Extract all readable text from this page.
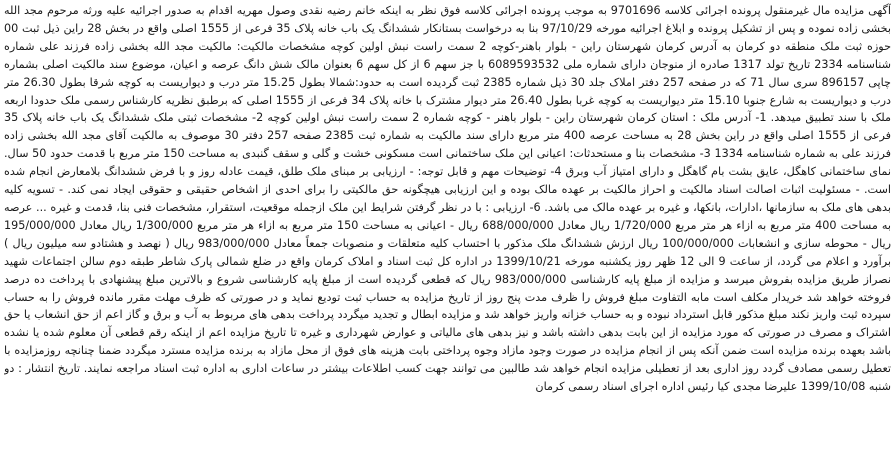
آگهی مزایده مال غیرمنقول پرونده اجرائی کلاسه 9701696 به موجب پرونده اجرائی کلاسه فوق نظر به اینکه خانم رضیه نقدی وصول مهریه اقدام به صدور اجرائیه علیه ورثه مرحوم مجد الله بخشی زاده نموده و پس از تشکیل پرونده و ابلاغ اجرائیه مورخه 97/10/29 بنا به درخواست بستانکار ششدانگ یک باب خانه پلاک 35 فرعی از 1555 اصلی واقع در بخش 28 راین ذیل ثبت 00 حوزه ثبت ملک منطقه دو کرمان به آدرس کرمان شهرستان راین - بلوار باهنر-کوچه 2 سمت راست نبش اولین کوچه مشخصات مالکیت: مالکیت مجد الله بخشی زاده فرزند علی شماره شناسنامه 2334 تاریخ تولد 1317 صادره از منوجان دارای شماره ملی 6089593532 با جز سهم 6 از کل سهم 6 بعنوان مالک شش دانگ عرصه و اعیان، موضوع سند مالکیت اصلی بشماره چاپی 896157 سری سال 71 که در صفحه 257 دفتر املاک جلد 30 ذیل شماره 2385 ثبت گردیده است به حدود:شمالا بطول 15.25 متر درب و دیواریست به کوچه شرقا بطول 26.30 متر درب و دیواریست به شارع جنوبا 15.10 متر دیواریست به کوچه غربا بطول 26.40 متر دیوار مشترک با خانه پلاک 34 فرعی از 1555 اصلی که برطبق نظریه کارشناس رسمی ملک حدودا اربعه ملک با سند تطبیق میدهد. 1- آدرس ملک : استان کرمان شهرستان راین - بلوار باهنر - کوچه شماره 2 سمت راست نبش اولین کوچه 2- مشخصات ثبتی ملک ششدانگ یک باب خانه پلاک 35 فرعی از 1555 اصلی واقع در راین بخش 28 به مساحت عرصه 400 متر مربع دارای سند مالکیت به شماره ثبت 2385 صفحه 257 دفتر 30 موصوف به مالکیت آقای مجد الله بخشی زاده فرزند علی به شماره شناسنامه 1334 3- مشخصات بنا و مستحدثات: اعیانی این ملک ساختمانی است مسکونی خشت و گلی و سقف گنبدی به مساحت 150 متر مربع با قدمت حدود 50 سال. نمای ساختمانی کاهگل، عایق بشت بام گاهگل و دارای امتیاز آب وبرق 4- توضیحات مهم و قابل توجه: - ارزیابی بر مبنای ملک طلق، قیمت عادله روز و با فرض ششدانگ بلامعارض انجام شده است. - مسئولیت اثبات اصالت اسناد مالکیت و احراز مالکیت بر عهده مالک بوده و این ارزیابی هیچگونه حق مالکیتی را برای احدی از اشخاص حقیقی و حقوقی ایجاد نمی کند. - تسویه کلیه بدهی های ملک به سازمانها ،ادارات، بانکها، و غیره بر عهده مالک می باشد. 6- ارزیابی : با در نظر گرفتن شرایط این ملک ازجمله موقعیت، استقرار، مشخصات فنی بنا، قدمت و غیره ... عرصه به مساحت 400 متر مربع به ازاء هر متر مربع 1/720/000 ریال معادل 688/000/000 ریال - اعیانی به مساحت 150 متر مربع به ازاء هر متر مربع 1/300/000 ریال معادل 195/000/000 ریال - محوطه سازی و انشعابات 100/000/000 ریال ارزش ششدانگ ملک مذکور با احتساب کلیه متعلقات و منصوبات جمعاً معادل 983/000/000 ریال ( نهصد و هشتادو سه میلیون ریال ) برآورد و اعلام می گردد، از ساعت 9 الی 12 ظهر روز یکشنبه مورخه 1399/10/21 در اداره کل ثبت اسناد و املاک کرمان واقع در ضلع شمالی پارک شاطر طبقه دوم سالن اجتماعات شهید نصراز طریق مزایده بفروش میرسد و مزایده از مبلغ پایه کارشناسی 983/000/000 ریال که قطعی گردیده است از مبلغ پایه کارشناسی شروع و بالاترین مبلغ پیشنهادی با پرداخت ده درصد فروخته خواهد شد خریدار مکلف است مابه التفاوت مبلغ فروش را ظرف مدت پنج روز از تاریخ مزایده به حساب ثبت تودیع نماید و در صورتی که ظرف مهلت مقرر مانده فروش را به حساب سپرده ثبت واریز نکند مبلغ مذکور قابل استرداد نبوده و به حساب خزانه واریز خواهد شد و مزایده ابطال و تجدید میگردد پرداخت بدهی های مربوط به آب و برق و گاز اعم از حق انشعاب یا حق اشتراک و مصرف در صورتی که مورد مزایده از این بابت بدهی داشته باشد و نیز بدهی های مالیاتی و عوارض شهرداری و غیره تا تاریخ مزایده اعم از اینکه رقم قطعی آن معلوم شده یا نشده باشد بعهده برنده مزایده است ضمن آنکه پس از انجام مزایده در صورت وجود مازاد وجوه پرداختی بابت هزینه های فوق از محل مازاد به برنده مزایده مسترد میگردد ضمنا چنانچه روزمزایده با تعطیل رسمی مصادف گردد روز اداری بعد از تعطیلی مزایده انجام خواهد شد طالبین می توانند جهت کسب اطلاعات بیشتر در ساعات اداری به اداره ثبت اسناد مراجعه نمایند. تاریخ انتشار : دو شنبه 1399/10/08 علیرضا مجدی کیا رئیس اداره اجرای اسناد رسمی کرمان
